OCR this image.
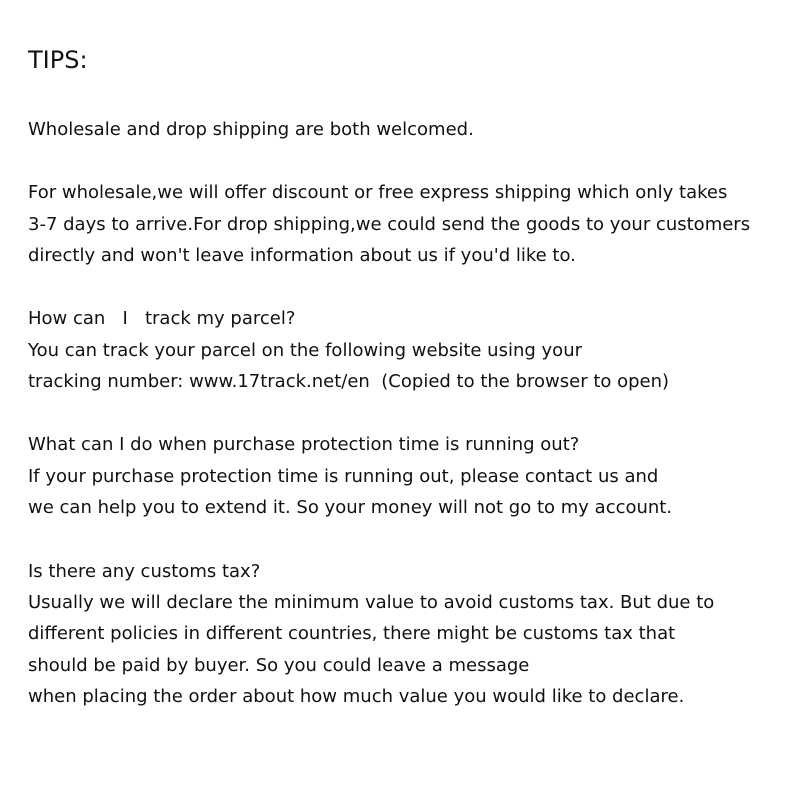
TIPS:

Wholesale and drop shipping are both welcomed.

For wholesale,we will offer discount or free express shipping which only takes

3-7 days to arrive.For drop shipping,we could send the goods to your customers

directly and won't leave information about us if you'd like to.

How can   I   track my parcel?

You can track your parcel on the following website using your

tracking number: www.17track.net/en  (Copied to the browser to open)

What can I do when purchase protection time is running out?

If your purchase protection time is running out, please contact us and

we can help you to extend it. So your money will not go to my account.

Is there any customs tax?

Usually we will declare the minimum value to avoid customs tax. But due to

different policies in different countries, there might be customs tax that

should be paid by buyer. So you could leave a message

when placing the order about how much value you would like to declare.
